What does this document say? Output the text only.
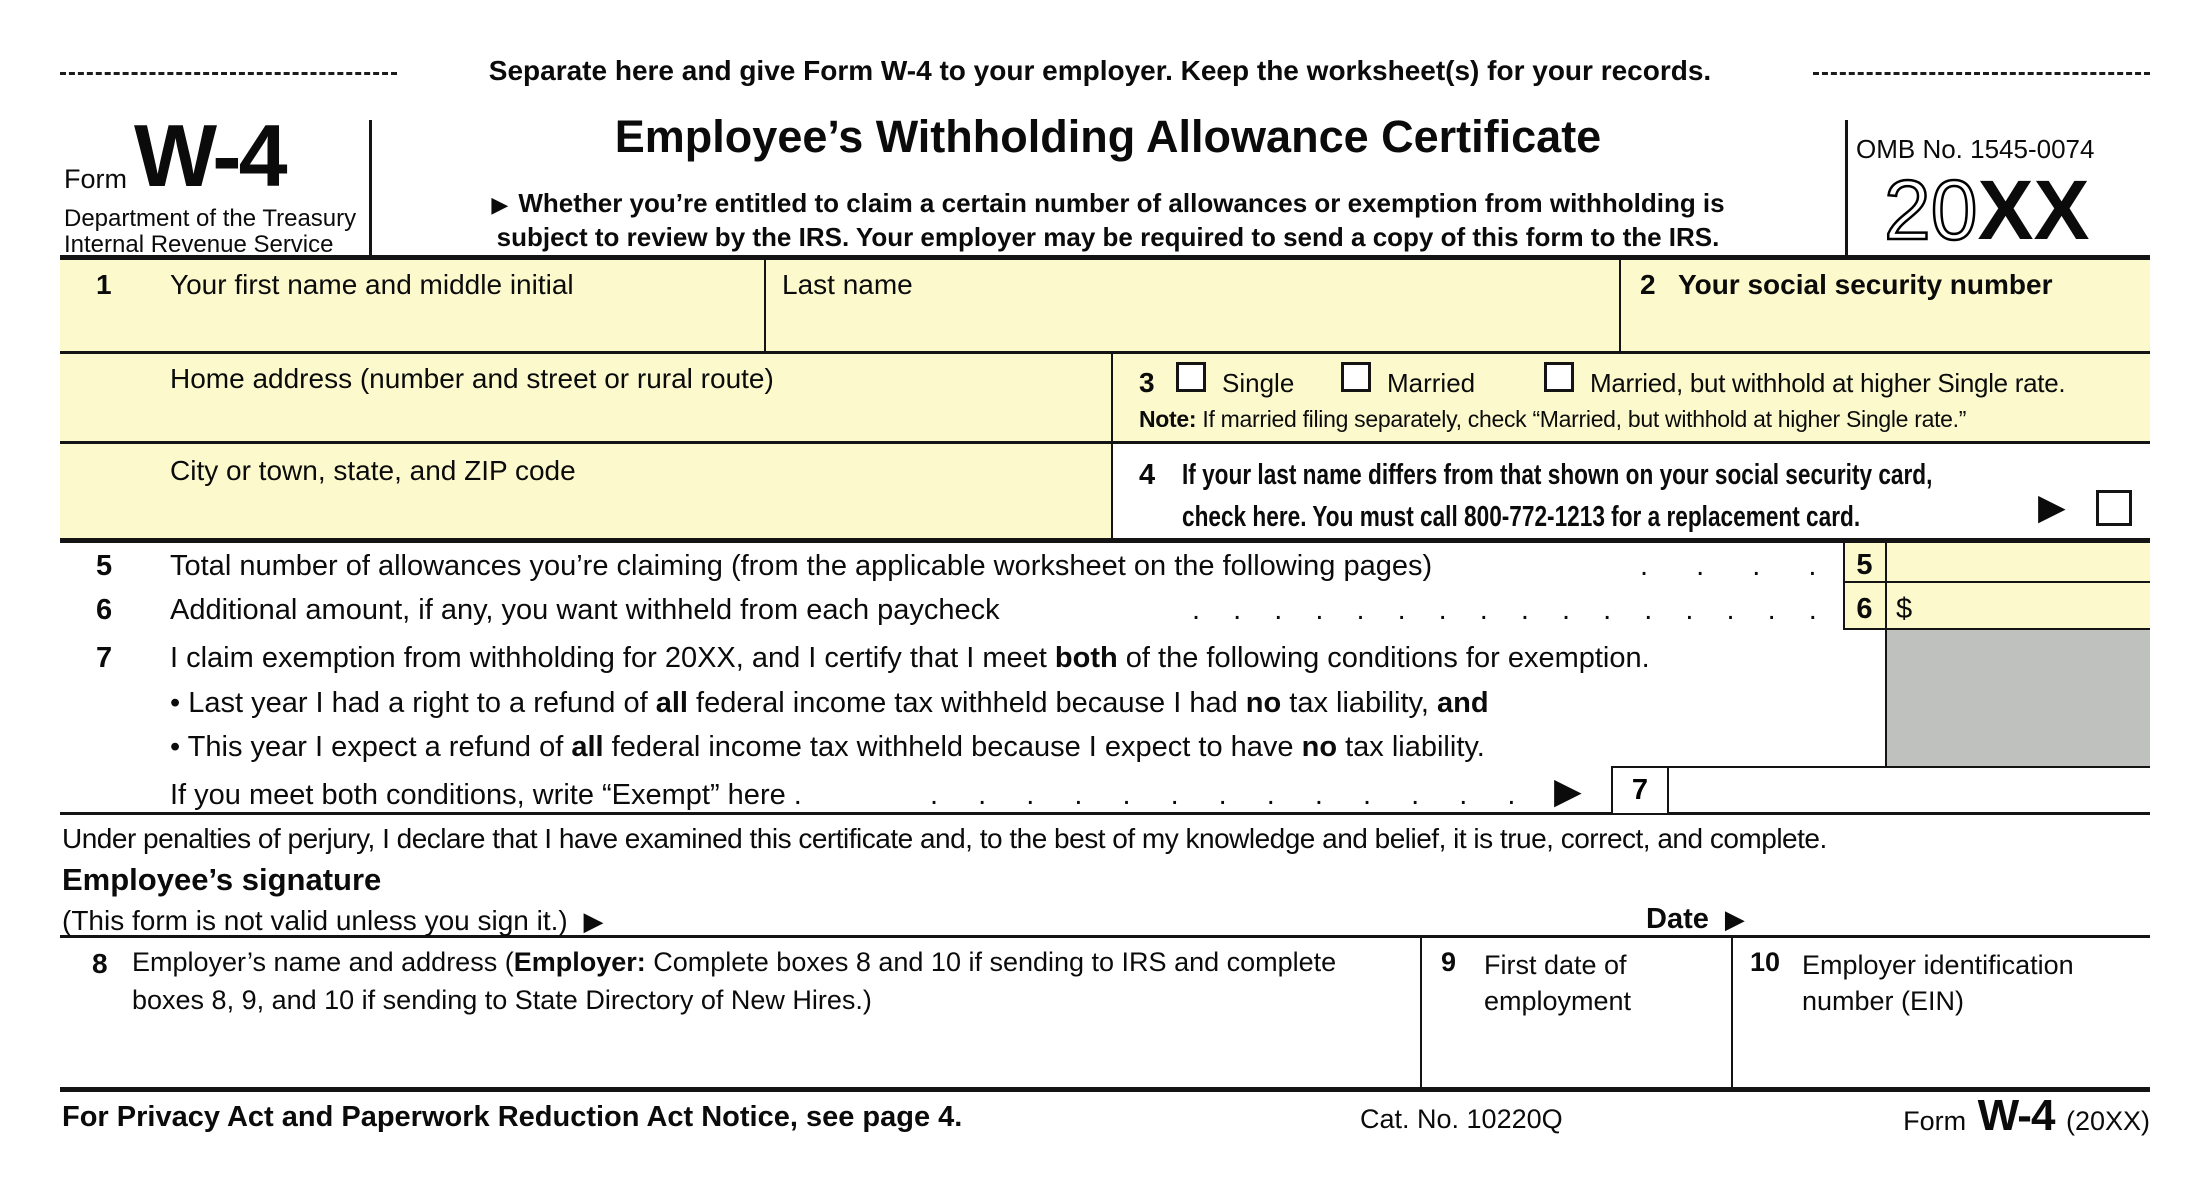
Separate here and give Form W-4 to your employer. Keep the worksheet(s) for your records.
Form W-4
Department of the Treasury
Internal Revenue Service
Employee’s Withholding Allowance Certificate
▶ Whether you’re entitled to claim a certain number of allowances or exemption from withholding is
subject to review by the IRS. Your employer may be required to send a copy of this form to the IRS.
OMB No. 1545-0074
20XX
1 Your first name and middle initial	Last name	2 Your social security number
Home address (number and street or rural route)	3	Single	Married	Married, but withhold at higher Single rate.
Note: If married filing separately, check “Married, but withhold at higher Single rate.”
City or town, state, and ZIP code	4 If your last name differs from that shown on your social security card,
check here. You must call 800-772-1213 for a replacement card.	▶
5 Total number of allowances you’re claiming (from the applicable worksheet on the following pages)	. . . .	5
6 Additional amount, if any, you want withheld from each paycheck	. . . . . . . . . . . . . . . .	6 $
7 I claim exemption from withholding for 20XX, and I certify that I meet both of the following conditions for exemption.
• Last year I had a right to a refund of all federal income tax withheld because I had no tax liability, and
• This year I expect a refund of all federal income tax withheld because I expect to have no tax liability.
If you meet both conditions, write “Exempt” here .	. . . . . . . . . . . . . ▶ 7
Under penalties of perjury, I declare that I have examined this certificate and, to the best of my knowledge and belief, it is true, correct, and complete.
Employee’s signature
(This form is not valid unless you sign it.) ▶	Date ▶
8 Employer’s name and address (Employer: Complete boxes 8 and 10 if sending to IRS and complete
boxes 8, 9, and 10 if sending to State Directory of New Hires.)
9 First date of employment
10 Employer identification number (EIN)
For Privacy Act and Paperwork Reduction Act Notice, see page 4.	Cat. No. 10220Q	Form W-4 (20XX)
